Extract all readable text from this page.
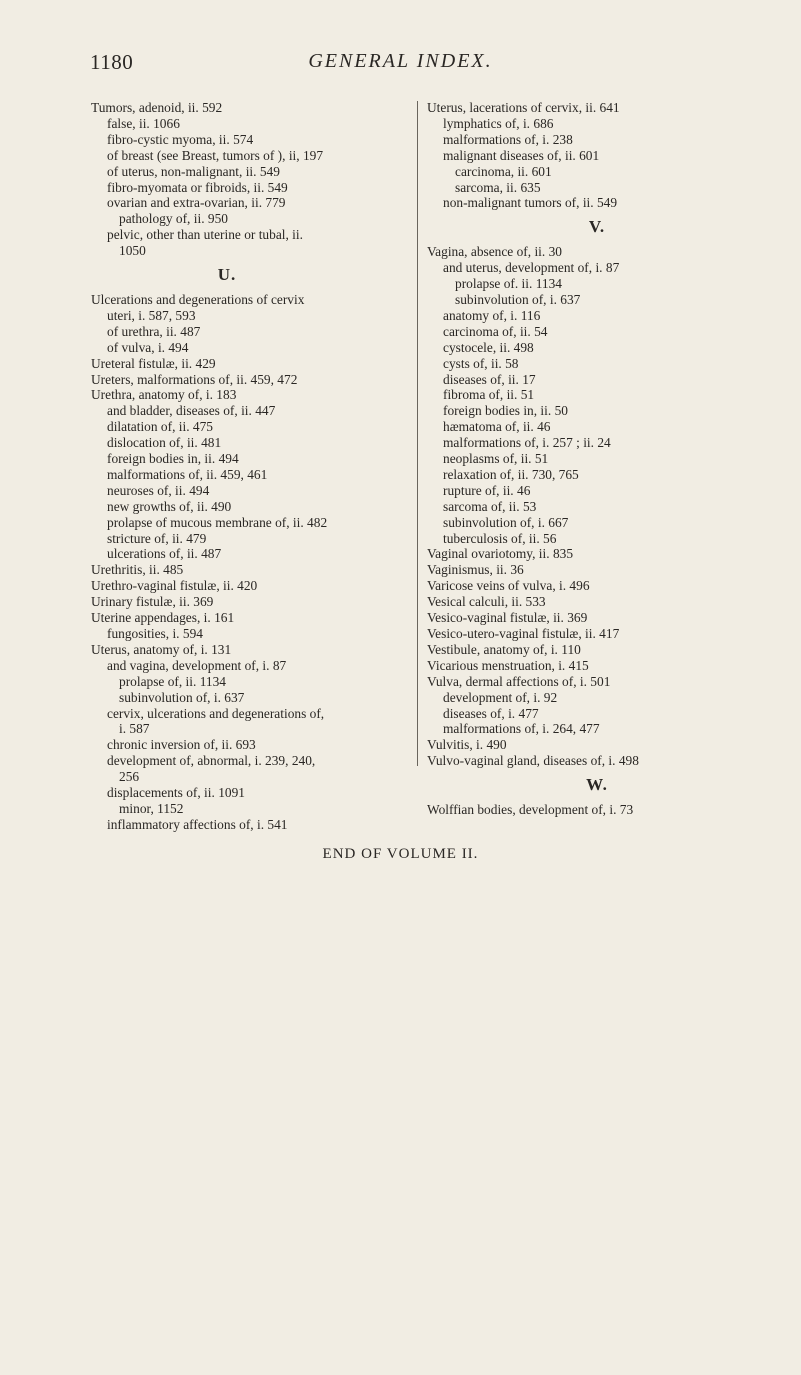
1180	GENERAL INDEX.
Tumors, adenoid, ii. 592
false, ii. 1066
fibro-cystic myoma, ii. 574
of breast (see Breast, tumors of ), ii, 197
of uterus, non-malignant, ii. 549
fibro-myomata or fibroids, ii. 549
ovarian and extra-ovarian, ii. 779
pathology of, ii. 950
pelvic, other than uterine or tubal, ii.
1050
U.
Ulcerations and degenerations of cervix
uteri, i. 587, 593
of urethra, ii. 487
of vulva, i. 494
Ureteral fistulæ, ii. 429
Ureters, malformations of, ii. 459, 472
Urethra, anatomy of, i. 183
and bladder, diseases of, ii. 447
dilatation of, ii. 475
dislocation of, ii. 481
foreign bodies in, ii. 494
malformations of, ii. 459, 461
neuroses of, ii. 494
new growths of, ii. 490
prolapse of mucous membrane of, ii. 482
stricture of, ii. 479
ulcerations of, ii. 487
Urethritis, ii. 485
Urethro-vaginal fistulæ, ii. 420
Urinary fistulæ, ii. 369
Uterine appendages, i. 161
fungosities, i. 594
Uterus, anatomy of, i. 131
and vagina, development of, i. 87
prolapse of, ii. 1134
subinvolution of, i. 637
cervix, ulcerations and degenerations of,
i. 587
chronic inversion of, ii. 693
development of, abnormal, i. 239, 240,
256
displacements of, ii. 1091
minor, 1152
inflammatory affections of, i. 541
Uterus, lacerations of cervix, ii. 641
lymphatics of, i. 686
malformations of, i. 238
malignant diseases of, ii. 601
carcinoma, ii. 601
sarcoma, ii. 635
non-malignant tumors of, ii. 549
V.
Vagina, absence of, ii. 30
and uterus, development of, i. 87
prolapse of. ii. 1134
subinvolution of, i. 637
anatomy of, i. 116
carcinoma of, ii. 54
cystocele, ii. 498
cysts of, ii. 58
diseases of, ii. 17
fibroma of, ii. 51
foreign bodies in, ii. 50
hæmatoma of, ii. 46
malformations of, i. 257 ; ii. 24
neoplasms of, ii. 51
relaxation of, ii. 730, 765
rupture of, ii. 46
sarcoma of, ii. 53
subinvolution of, i. 667
tuberculosis of, ii. 56
Vaginal ovariotomy, ii. 835
Vaginismus, ii. 36
Varicose veins of vulva, i. 496
Vesical calculi, ii. 533
Vesico-vaginal fistulæ, ii. 369
Vesico-utero-vaginal fistulæ, ii. 417
Vestibule, anatomy of, i. 110
Vicarious menstruation, i. 415
Vulva, dermal affections of, i. 501
development of, i. 92
diseases of, i. 477
malformations of, i. 264, 477
Vulvitis, i. 490
Vulvo-vaginal gland, diseases of, i. 498
W.
Wolffian bodies, development of, i. 73
END OF VOLUME II.
